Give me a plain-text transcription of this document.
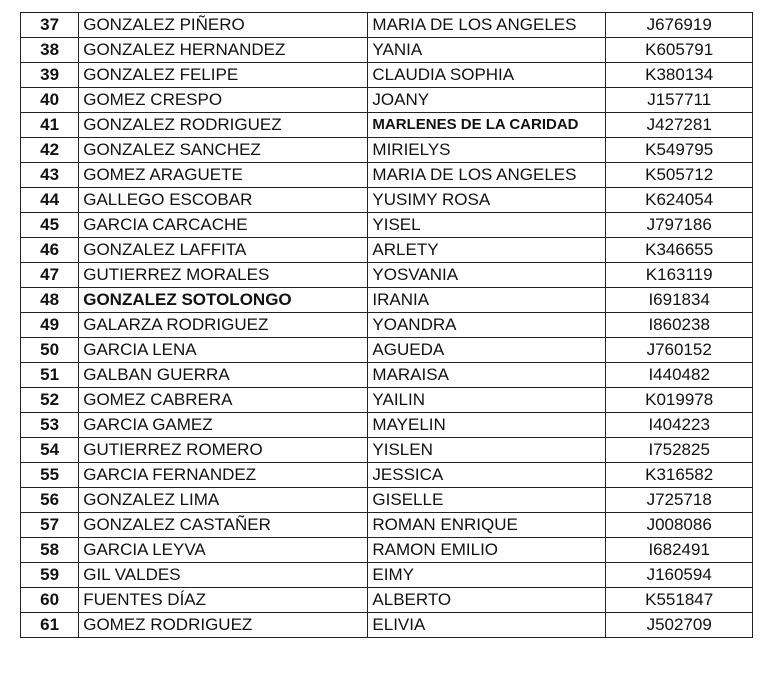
37	GONZALEZ PIÑERO	MARIA DE LOS ANGELES	J676919
38	GONZALEZ HERNANDEZ	YANIA	K605791
39	GONZALEZ FELIPE	CLAUDIA SOPHIA	K380134
40	GOMEZ CRESPO	JOANY	J157711
41	GONZALEZ RODRIGUEZ	MARLENES DE LA CARIDAD	J427281
42	GONZALEZ SANCHEZ	MIRIELYS	K549795
43	GOMEZ ARAGUETE	MARIA DE LOS ANGELES	K505712
44	GALLEGO ESCOBAR	YUSIMY ROSA	K624054
45	GARCIA CARCACHE	YISEL	J797186
46	GONZALEZ LAFFITA	ARLETY	K346655
47	GUTIERREZ MORALES	YOSVANIA	K163119
48	GONZALEZ SOTOLONGO	IRANIA	I691834
49	GALARZA RODRIGUEZ	YOANDRA	I860238
50	GARCIA LENA	AGUEDA	J760152
51	GALBAN GUERRA	MARAISA	I440482
52	GOMEZ CABRERA	YAILIN	K019978
53	GARCIA GAMEZ	MAYELIN	I404223
54	GUTIERREZ ROMERO	YISLEN	I752825
55	GARCIA FERNANDEZ	JESSICA	K316582
56	GONZALEZ LIMA	GISELLE	J725718
57	GONZALEZ CASTAÑER	ROMAN ENRIQUE	J008086
58	GARCIA LEYVA	RAMON EMILIO	I682491
59	GIL VALDES	EIMY	J160594
60	FUENTES DÍAZ	ALBERTO	K551847
61	GOMEZ RODRIGUEZ	ELIVIA	J502709
